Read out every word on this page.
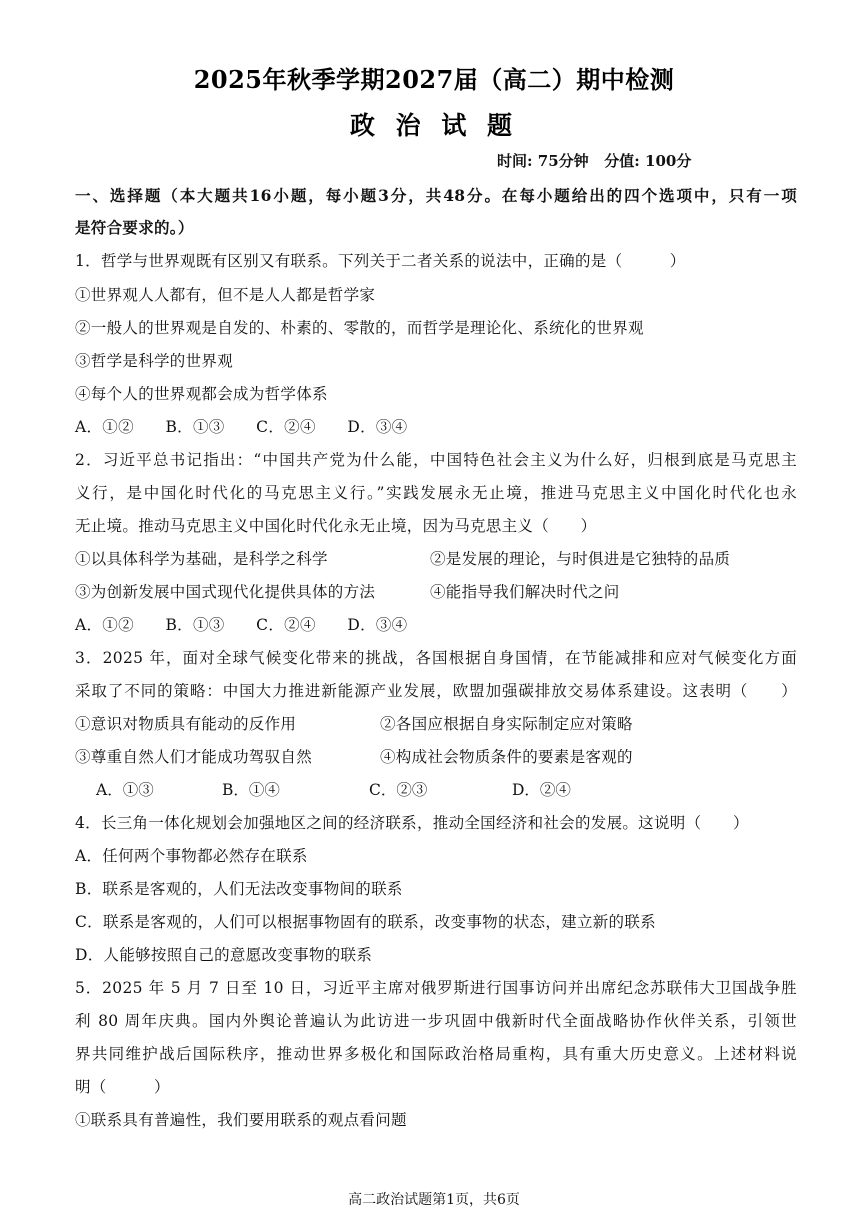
2025年秋季学期2027届（高二）期中检测
政 治 试 题
时间: 75分钟   分值: 100分
一、选择题（本大题共16小题，每小题3分，共48分。在每小题给出的四个选项中，只有一项
是符合要求的。）
1．哲学与世界观既有区别又有联系。下列关于二者关系的说法中，正确的是（　　　）
①世界观人人都有，但不是人人都是哲学家
②一般人的世界观是自发的、朴素的、零散的，而哲学是理论化、系统化的世界观
③哲学是科学的世界观
④每个人的世界观都会成为哲学体系
A．①②　　B．①③　　C．②④　　D．③④
2．习近平总书记指出：“中国共产党为什么能，中国特色社会主义为什么好，归根到底是马克思主
义行，是中国化时代化的马克思主义行。”实践发展永无止境，推进马克思主义中国化时代化也永
无止境。推动马克思主义中国化时代化永无止境，因为马克思主义（　　）
①以具体科学为基础，是科学之科学	②是发展的理论，与时俱进是它独特的品质
③为创新发展中国式现代化提供具体的方法	④能指导我们解决时代之问
A．①②　　B．①③　　C．②④　　D．③④
3．2025 年，面对全球气候变化带来的挑战，各国根据自身国情，在节能减排和应对气候变化方面
采取了不同的策略：中国大力推进新能源产业发展，欧盟加强碳排放交易体系建设。这表明（　　）
①意识对物质具有能动的反作用	②各国应根据自身实际制定应对策略
③尊重自然人们才能成功驾驭自然	④构成社会物质条件的要素是客观的
A．①③	B．①④	C．②③	D．②④
4．长三角一体化规划会加强地区之间的经济联系，推动全国经济和社会的发展。这说明（　　）
A．任何两个事物都必然存在联系
B．联系是客观的，人们无法改变事物间的联系
C．联系是客观的，人们可以根据事物固有的联系，改变事物的状态，建立新的联系
D．人能够按照自己的意愿改变事物的联系
5．2025 年 5 月 7 日至 10 日，习近平主席对俄罗斯进行国事访问并出席纪念苏联伟大卫国战争胜
利 80 周年庆典。国内外舆论普遍认为此访进一步巩固中俄新时代全面战略协作伙伴关系，引领世
界共同维护战后国际秩序，推动世界多极化和国际政治格局重构，具有重大历史意义。上述材料说
明（　　　）
①联系具有普遍性，我们要用联系的观点看问题
高二政治试题第1页，共6页
